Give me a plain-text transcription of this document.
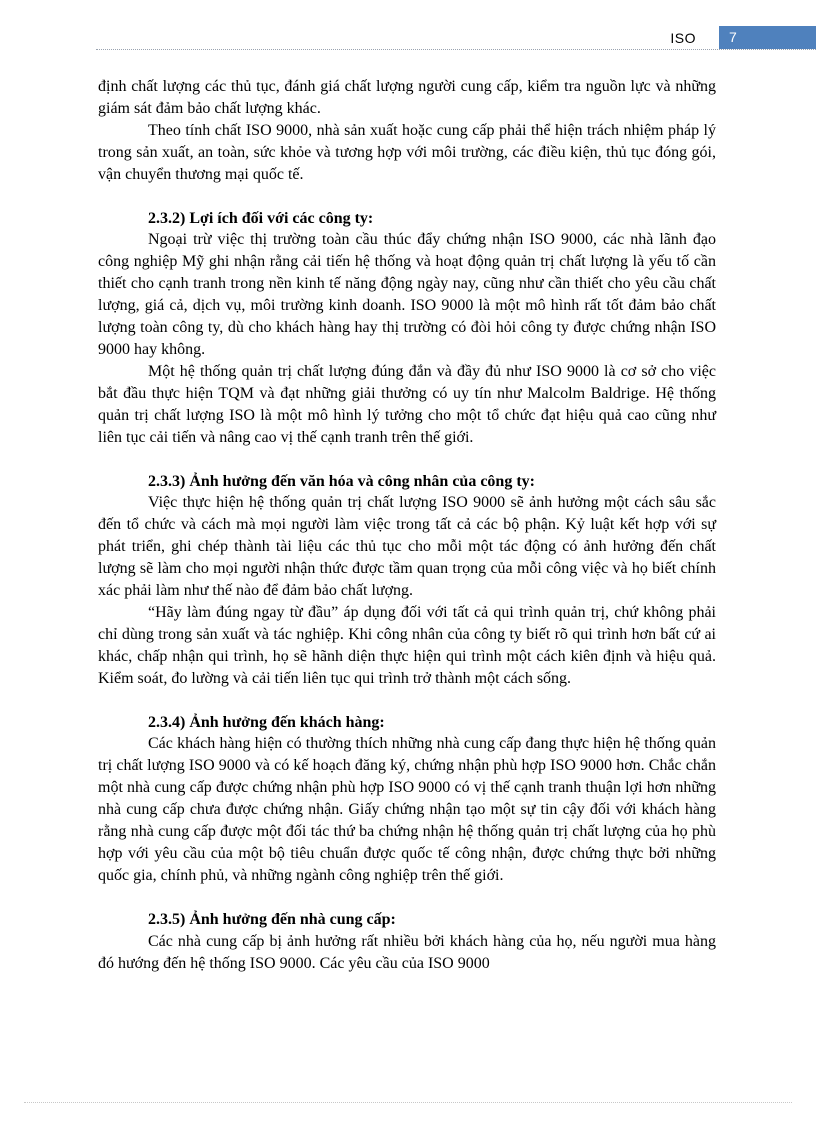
ISO	7

định chất lượng các thủ tục, đánh giá chất lượng người cung cấp, kiểm tra nguồn lực và những giám sát đảm bảo chất lượng khác.

Theo tính chất ISO 9000, nhà sản xuất hoặc cung cấp phải thể hiện trách nhiệm pháp lý trong sản xuất, an toàn, sức khỏe và tương hợp với môi trường, các điều kiện, thủ tục đóng gói, vận chuyển thương mại quốc tế.

2.3.2) Lợi ích đối với các công ty:

Ngoại trừ việc thị trường toàn cầu thúc đẩy chứng nhận ISO 9000, các nhà lãnh đạo công nghiệp Mỹ ghi nhận rằng cải tiến hệ thống và hoạt động quản trị chất lượng là yếu tố cần thiết cho cạnh tranh trong nền kinh tế năng động ngày nay, cũng như cần thiết cho yêu cầu chất lượng, giá cả, dịch vụ, môi trường kinh doanh. ISO 9000 là một mô hình rất tốt đảm bảo chất lượng toàn công ty, dù cho khách hàng hay thị trường có đòi hỏi công ty được chứng nhận ISO 9000 hay không.

Một hệ thống quản trị chất lượng đúng đắn và đầy đủ như ISO 9000 là cơ sở cho việc bắt đầu thực hiện TQM và đạt những giải thưởng có uy tín như Malcolm Baldrige. Hệ thống quản trị chất lượng ISO là một mô hình lý tưởng cho một tổ chức đạt hiệu quả cao cũng như liên tục cải tiến và nâng cao vị thế cạnh tranh trên thế giới.

2.3.3) Ảnh hưởng đến văn hóa và công nhân của công ty:

Việc thực hiện hệ thống quản trị chất lượng ISO 9000 sẽ ảnh hưởng một cách sâu sắc đến tổ chức và cách mà mọi người làm việc trong tất cả các bộ phận. Kỷ luật kết hợp với sự phát triển, ghi chép thành tài liệu các thủ tục cho mỗi một tác động có ảnh hưởng đến chất lượng sẽ làm cho mọi người nhận thức được tầm quan trọng của mỗi công việc và họ biết chính xác phải làm như thế nào để đảm bảo chất lượng.

“Hãy làm đúng ngay từ đầu” áp dụng đối với tất cả qui trình quản trị, chứ không phải chỉ dùng trong sản xuất và tác nghiệp. Khi công nhân của công ty biết rõ qui trình hơn bất cứ ai khác, chấp nhận qui trình, họ sẽ hãnh diện thực hiện qui trình một cách kiên định và hiệu quả. Kiểm soát, đo lường và cải tiến liên tục qui trình trở thành một cách sống.

2.3.4) Ảnh hưởng đến khách hàng:

Các khách hàng hiện có thường thích những nhà cung cấp đang thực hiện hệ thống quản trị chất lượng ISO 9000 và có kế hoạch đăng ký, chứng nhận phù hợp ISO 9000 hơn. Chắc chắn một nhà cung cấp được chứng nhận phù hợp ISO 9000 có vị thế cạnh tranh thuận lợi hơn những nhà cung cấp chưa được chứng nhận. Giấy chứng nhận tạo một sự tin cậy đối với khách hàng rằng nhà cung cấp được một đối tác thứ ba chứng nhận hệ thống quản trị chất lượng của họ phù hợp với yêu cầu của một bộ tiêu chuẩn được quốc tế công nhận, được chứng thực bởi những quốc gia, chính phủ, và những ngành công nghiệp trên thế giới.

2.3.5) Ảnh hưởng đến nhà cung cấp:

Các nhà cung cấp bị ảnh hưởng rất nhiều bởi khách hàng của họ, nếu người mua hàng đó hướng đến hệ thống ISO 9000. Các yêu cầu của ISO 9000
